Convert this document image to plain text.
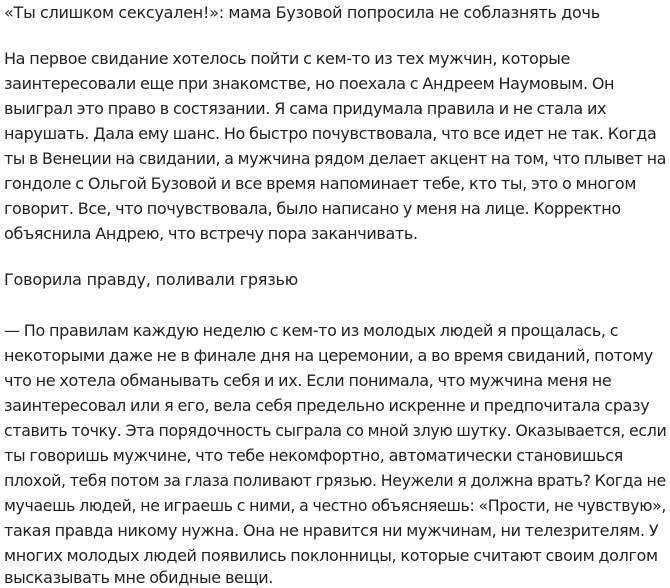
«Ты слишком сексуален!»: мама Бузовой попросила не соблазнять дочь
На первое свидание хотелось пойти с кем-то из тех мужчин, которые
заинтересовали еще при знакомстве, но поехала с Андреем Наумовым. Он
выиграл это право в состязании. Я сама придумала правила и не стала их
нарушать. Дала ему шанс. Но быстро почувствовала, что все идет не так. Когда
ты в Венеции на свидании, а мужчина рядом делает акцент на том, что плывет на
гондоле с Ольгой Бузовой и все время напоминает тебе, кто ты, это о многом
говорит. Все, что почувствовала, было написано у меня на лице. Корректно
объяснила Андрею, что встречу пора заканчивать.
Говорила правду, поливали грязью
— По правилам каждую неделю с кем-то из молодых людей я прощалась, с
некоторыми даже не в финале дня на церемонии, а во время свиданий, потому
что не хотела обманывать себя и их. Если понимала, что мужчина меня не
заинтересовал или я его, вела себя предельно искренне и предпочитала сразу
ставить точку. Эта порядочность сыграла со мной злую шутку. Оказывается, если
ты говоришь мужчине, что тебе некомфортно, автоматически становишься
плохой, тебя потом за глаза поливают грязью. Неужели я должна врать? Когда не
мучаешь людей, не играешь с ними, а честно объясняешь: «Прости, не чувствую»,
такая правда никому нужна. Она не нравится ни мужчинам, ни телезрителям. У
многих молодых людей появились поклонницы, которые считают своим долгом
высказывать мне обидные вещи.
